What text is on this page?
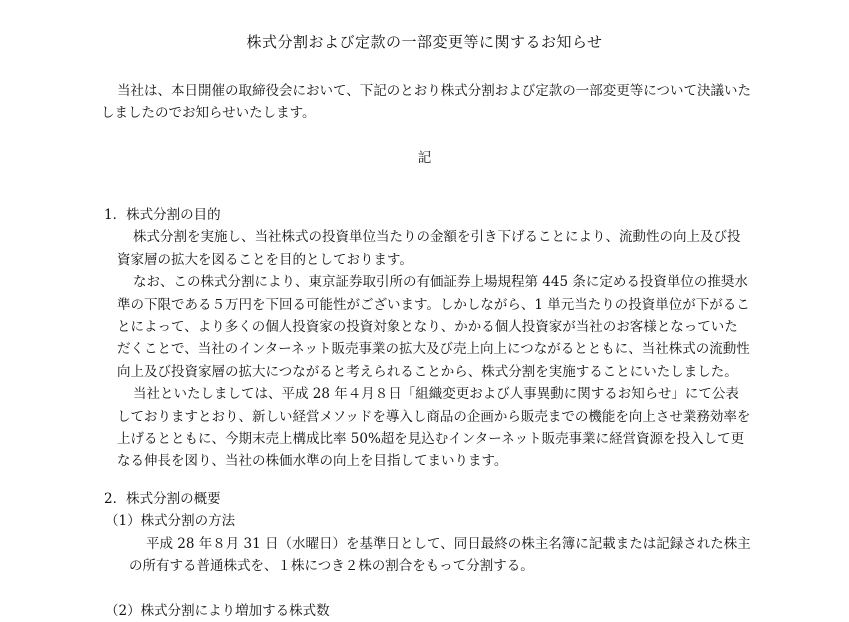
株式分割および定款の一部変更等に関するお知らせ
当社は、本日開催の取締役会において、下記のとおり株式分割および定款の一部変更等について決議いたしましたのでお知らせいたします。
記

1．株式分割の目的

株式分割を実施し、当社株式の投資単位当たりの金額を引き下げることにより、流動性の向上及び投資家層の拡大を図ることを目的としております。

なお、この株式分割により、東京証券取引所の有価証券上場規程第 445 条に定める投資単位の推奨水準の下限である５万円を下回る可能性がございます。しかしながら、1 単元当たりの投資単位が下がることによって、より多くの個人投資家の投資対象となり、かかる個人投資家が当社のお客様となっていただくことで、当社のインターネット販売事業の拡大及び売上向上につながるとともに、当社株式の流動性向上及び投資家層の拡大につながると考えられることから、株式分割を実施することにいたしました。

当社といたしましては、平成 28 年４月８日「組織変更および人事異動に関するお知らせ」にて公表しておりますとおり、新しい経営メソッドを導入し商品の企画から販売までの機能を向上させ業務効率を上げるとともに、今期末売上構成比率 50%超を見込むインターネット販売事業に経営資源を投入して更なる伸長を図り、当社の株価水準の向上を目指してまいります。

2．株式分割の概要

（1）株式分割の方法

平成 28 年８月 31 日（水曜日）を基準日として、同日最終の株主名簿に記載または記録された株主の所有する普通株式を、１株につき２株の割合をもって分割する。

（2）株式分割により増加する株式数
